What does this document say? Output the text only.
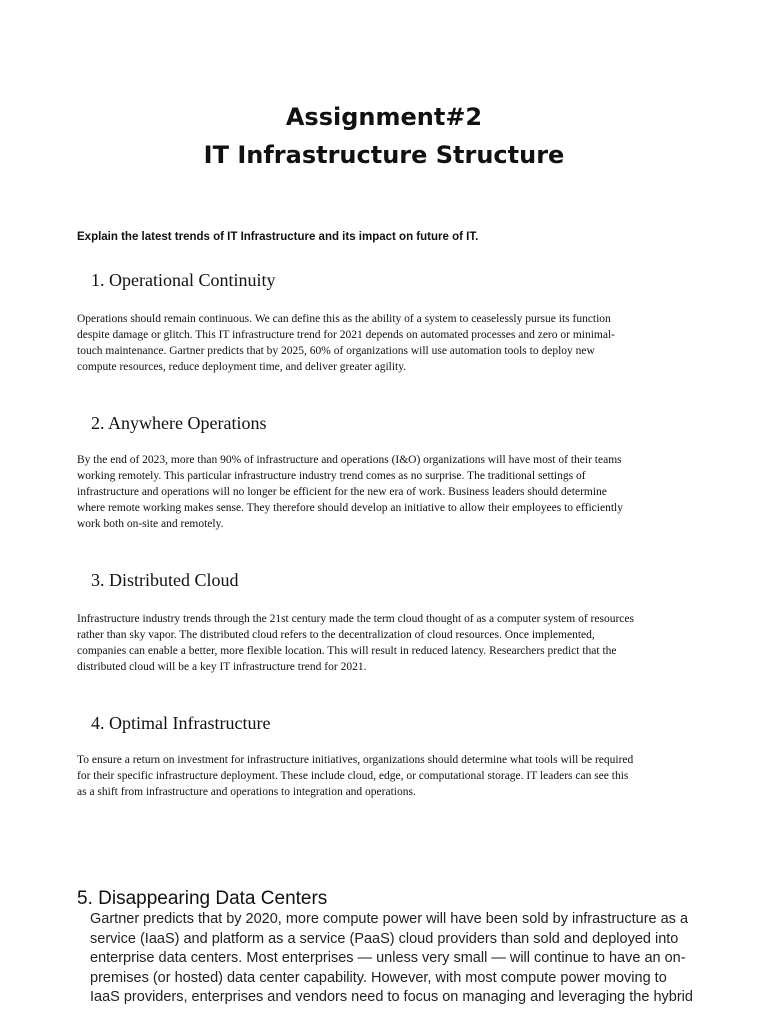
Assignment#2
IT Infrastructure Structure

Explain the latest trends of IT Infrastructure and its impact on future of IT.

1. Operational Continuity

Operations should remain continuous. We can define this as the ability of a system to ceaselessly pursue its function
despite damage or glitch. This IT infrastructure trend for 2021 depends on automated processes and zero or minimal-
touch maintenance. Gartner predicts that by 2025, 60% of organizations will use automation tools to deploy new
compute resources, reduce deployment time, and deliver greater agility.

2. Anywhere Operations

By the end of 2023, more than 90% of infrastructure and operations (I&O) organizations will have most of their teams
working remotely. This particular infrastructure industry trend comes as no surprise. The traditional settings of
infrastructure and operations will no longer be efficient for the new era of work. Business leaders should determine
where remote working makes sense. They therefore should develop an initiative to allow their employees to efficiently
work both on-site and remotely.

3. Distributed Cloud

Infrastructure industry trends through the 21st century made the term cloud thought of as a computer system of resources
rather than sky vapor. The distributed cloud refers to the decentralization of cloud resources. Once implemented,
companies can enable a better, more flexible location. This will result in reduced latency. Researchers predict that the
distributed cloud will be a key IT infrastructure trend for 2021.

4. Optimal Infrastructure

To ensure a return on investment for infrastructure initiatives, organizations should determine what tools will be required
for their specific infrastructure deployment. These include cloud, edge, or computational storage. IT leaders can see this
as a shift from infrastructure and operations to integration and operations.

5. Disappearing Data Centers

Gartner predicts that by 2020, more compute power will have been sold by infrastructure as a
service (IaaS) and platform as a service (PaaS) cloud providers than sold and deployed into
enterprise data centers. Most enterprises — unless very small — will continue to have an on-
premises (or hosted) data center capability. However, with most compute power moving to
IaaS providers, enterprises and vendors need to focus on managing and leveraging the hybrid
